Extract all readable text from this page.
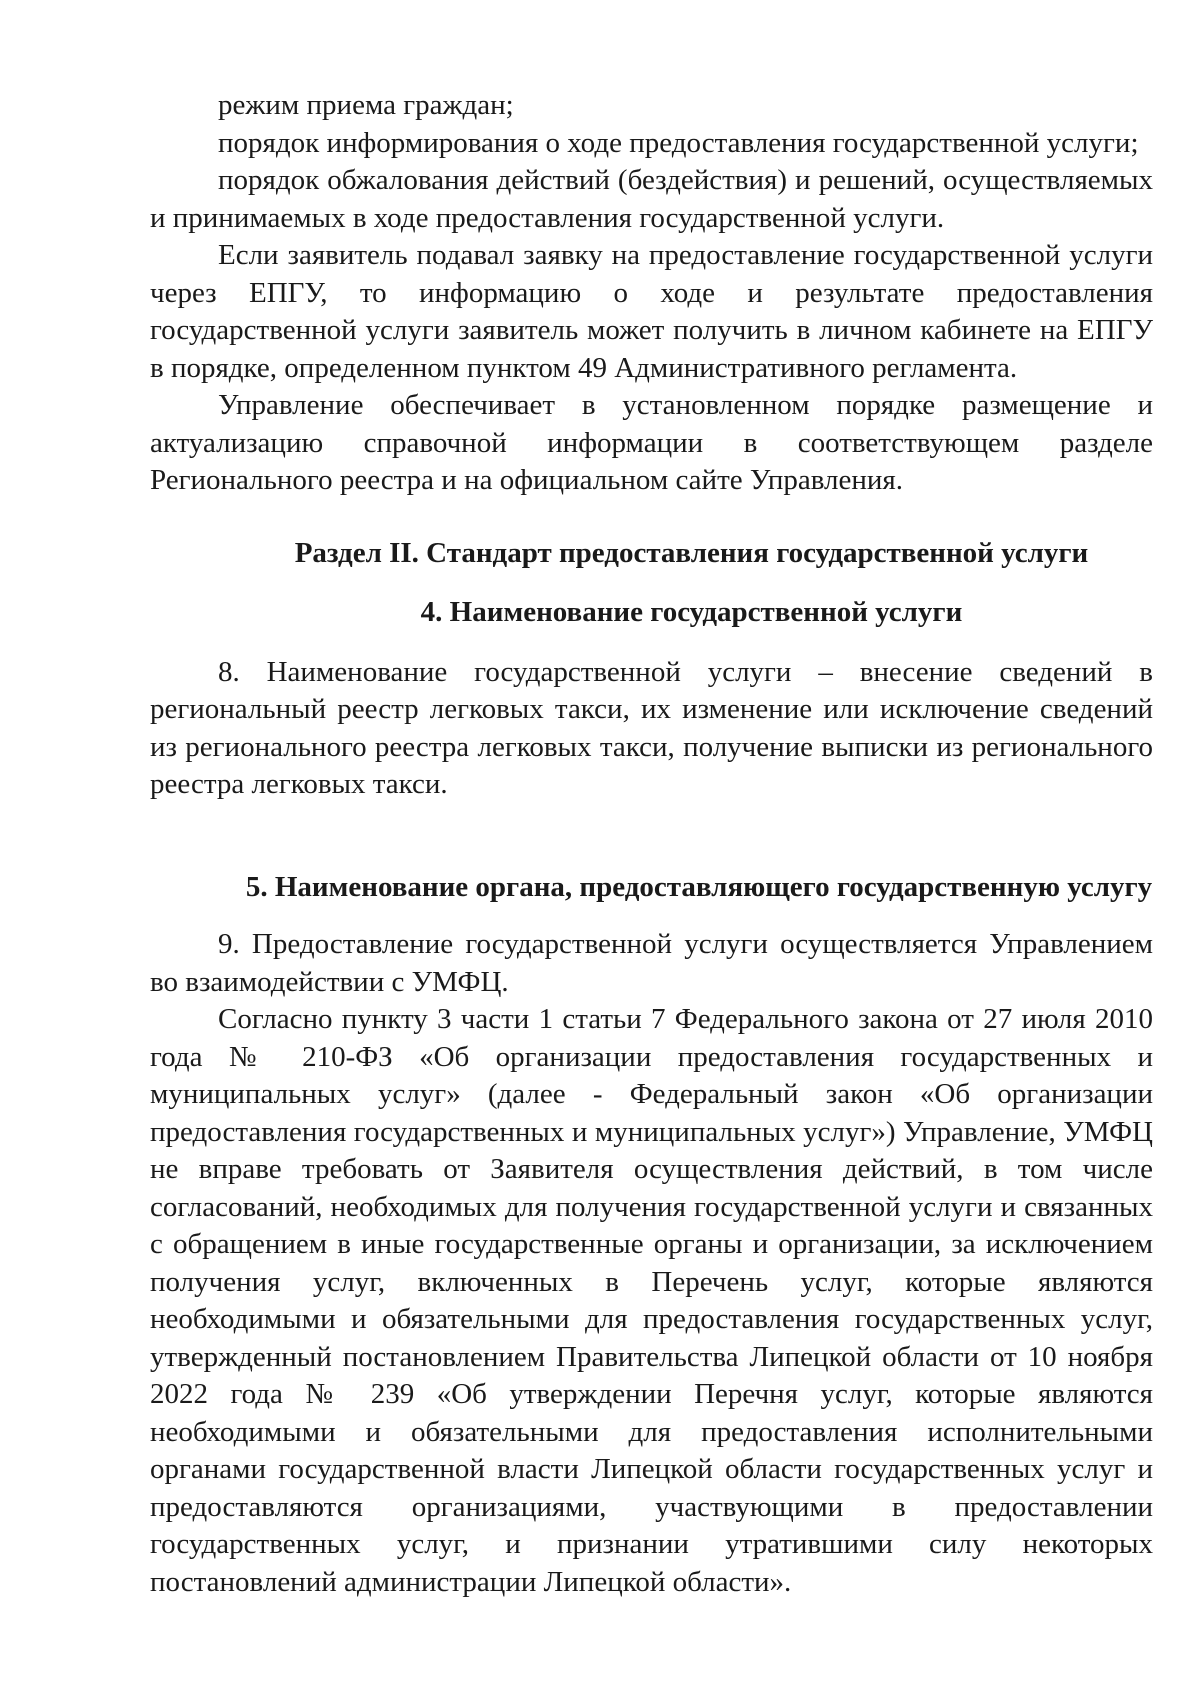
режим приема граждан;

порядок информирования о ходе предоставления государственной услуги;

порядок обжалования действий (бездействия) и решений, осуществляемых и принимаемых в ходе предоставления государственной услуги.

Если заявитель подавал заявку на предоставление государственной услуги через ЕПГУ, то информацию о ходе и результате предоставления государственной услуги заявитель может получить в личном кабинете на ЕПГУ в порядке, определенном пунктом 49 Административного регламента.

Управление обеспечивает в установленном порядке размещение и актуализацию справочной информации в соответствующем разделе Регионального реестра и на официальном сайте Управления.

Раздел II. Стандарт предоставления государственной услуги
4. Наименование государственной услуги

8. Наименование государственной услуги – внесение сведений в региональный реестр легковых такси, их изменение или исключение сведений из регионального реестра легковых такси, получение выписки из регионального реестра легковых такси.

5. Наименование органа, предоставляющего государственную услугу

9. Предоставление государственной услуги осуществляется Управлением во взаимодействии с УМФЦ.

Согласно пункту 3 части 1 статьи 7 Федерального закона от 27 июля 2010 года № 210-ФЗ «Об организации предоставления государственных и муниципальных услуг» (далее - Федеральный закон «Об организации предоставления государственных и муниципальных услуг») Управление, УМФЦ не вправе требовать от Заявителя осуществления действий, в том числе согласований, необходимых для получения государственной услуги и связанных с обращением в иные государственные органы и организации, за исключением получения услуг, включенных в Перечень услуг, которые являются необходимыми и обязательными для предоставления государственных услуг, утвержденный постановлением Правительства Липецкой области от 10 ноября 2022 года № 239 «Об утверждении Перечня услуг, которые являются необходимыми и обязательными для предоставления исполнительными органами государственной власти Липецкой области государственных услуг и предоставляются организациями, участвующими в предоставлении государственных услуг, и признании утратившими силу некоторых постановлений администрации Липецкой области».
